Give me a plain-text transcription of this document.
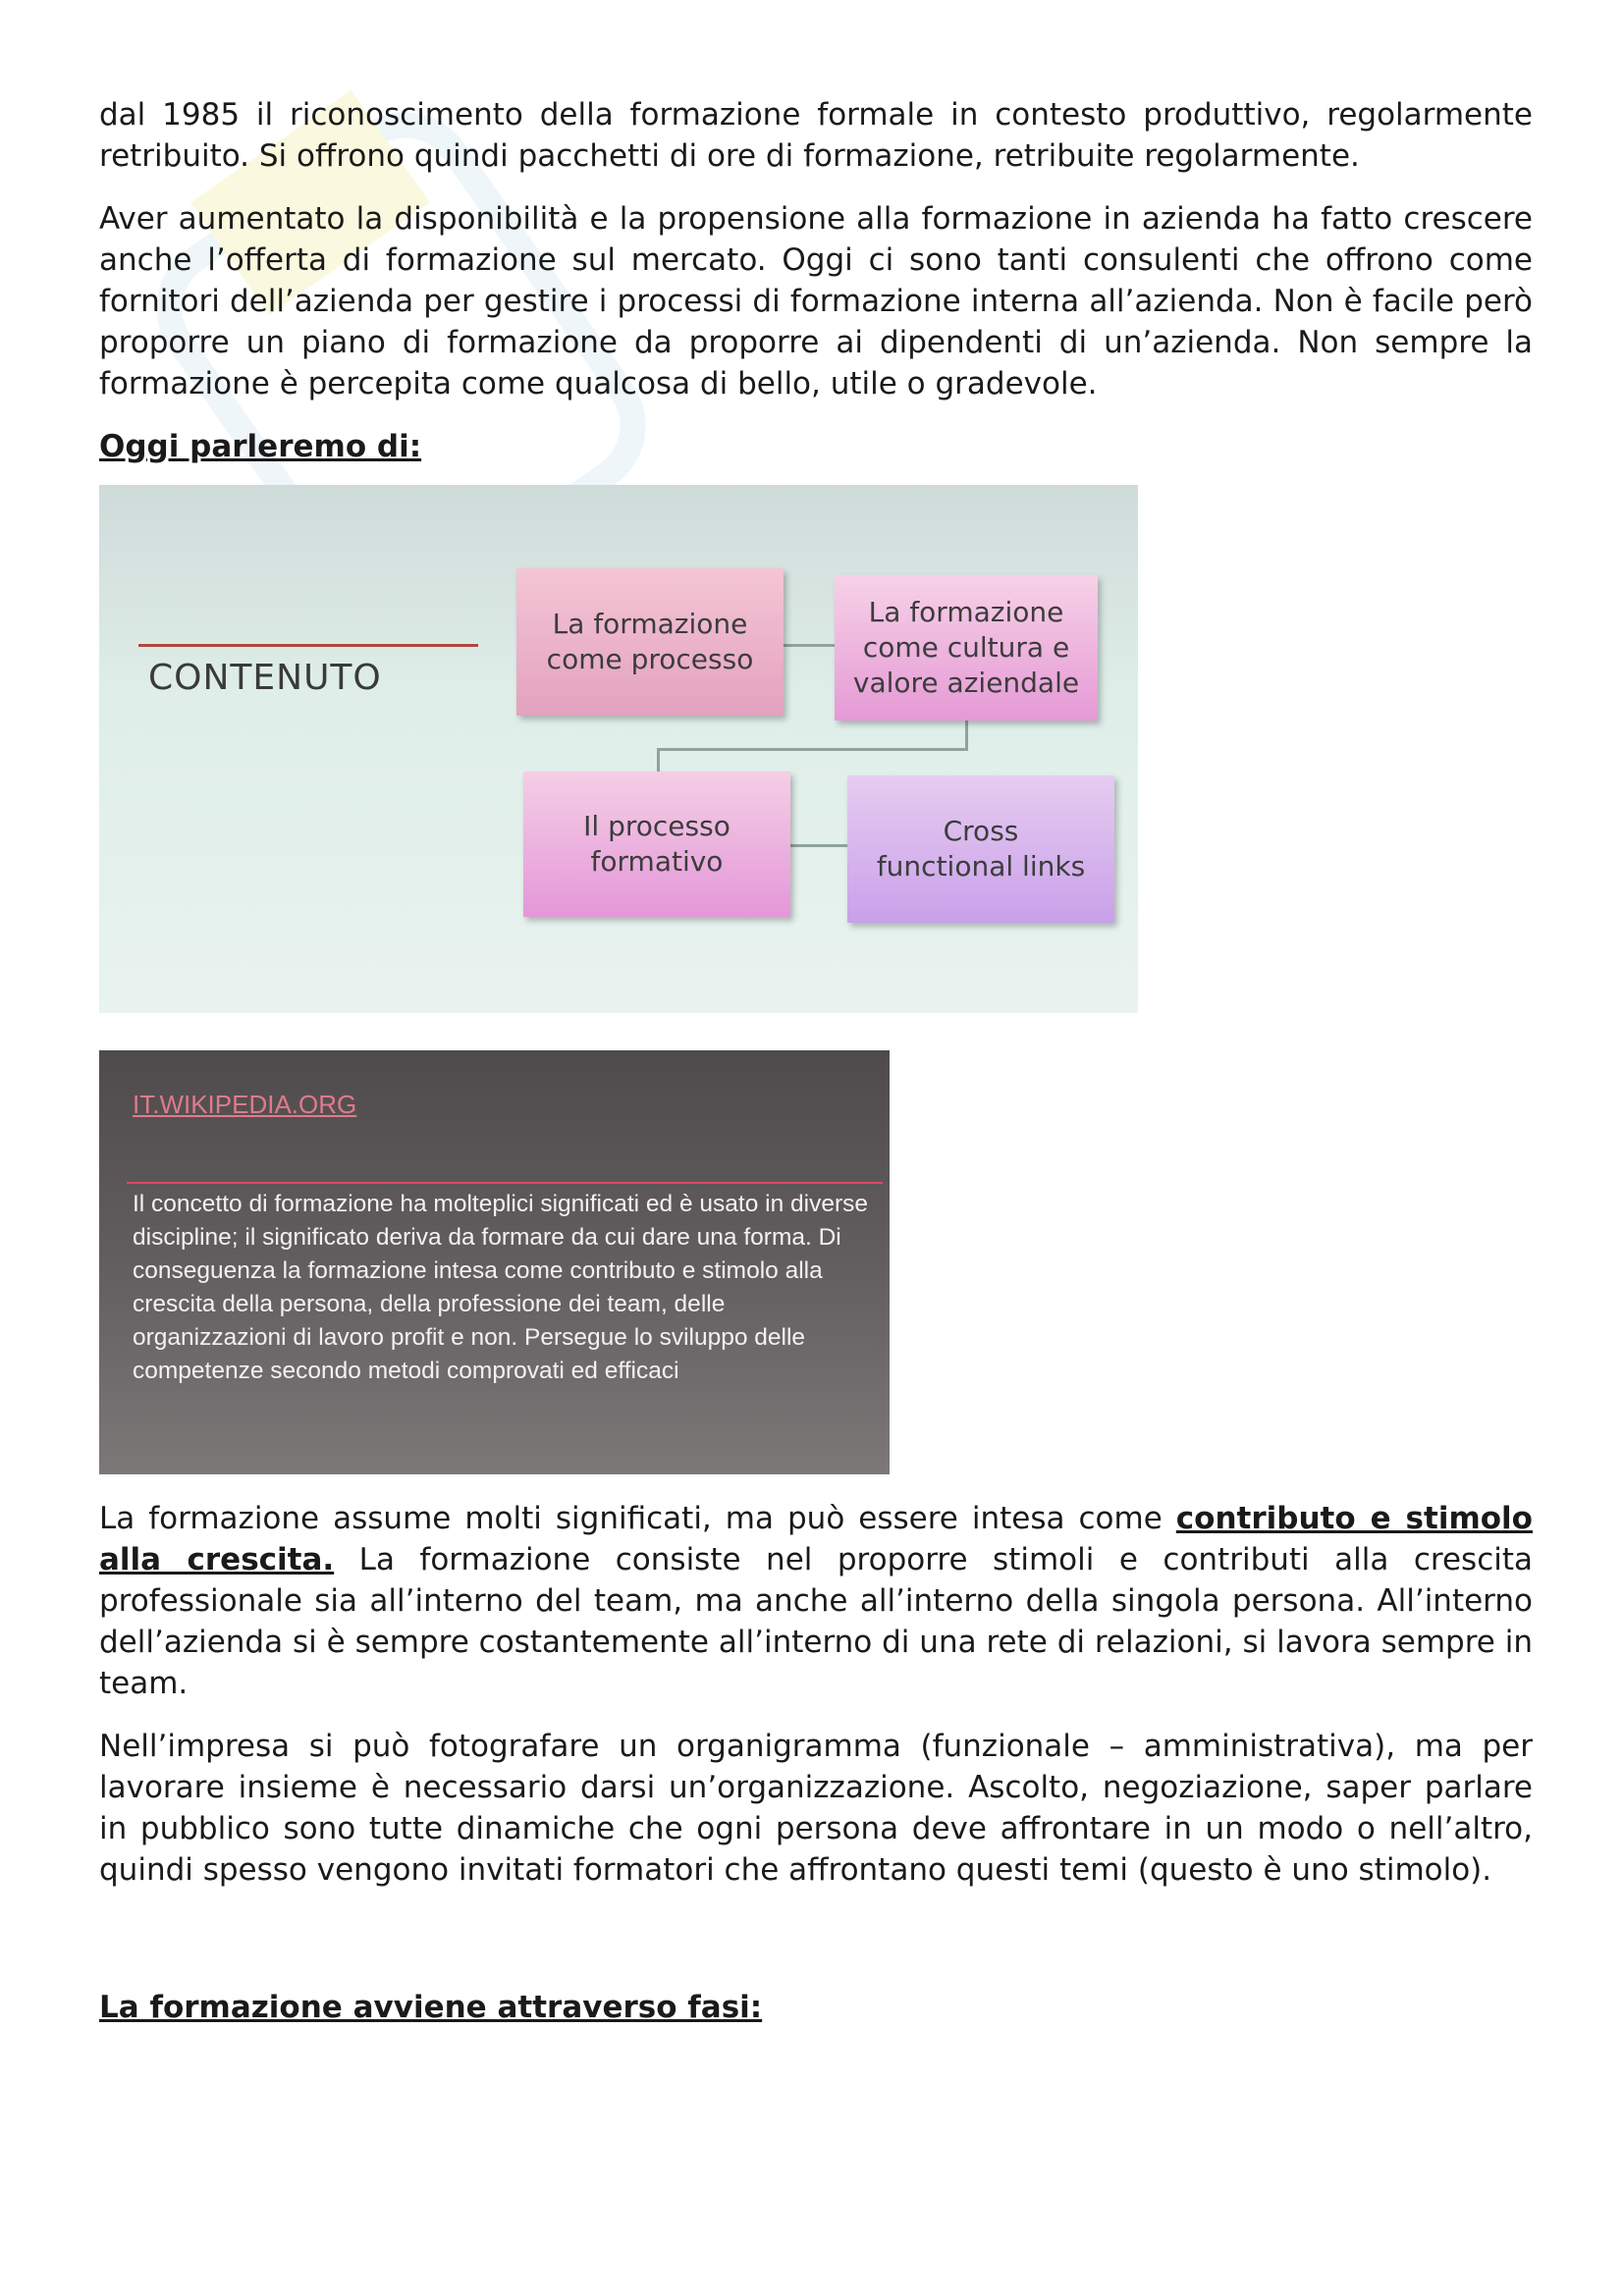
dal 1985 il riconoscimento della formazione formale in contesto produttivo, regolarmente retribuito. Si offrono quindi pacchetti di ore di formazione, retribuite regolarmente.

Aver aumentato la disponibilità e la propensione alla formazione in azienda ha fatto crescere anche l’offerta di formazione sul mercato. Oggi ci sono tanti consulenti che offrono come fornitori dell’azienda per gestire i processi di formazione interna all’azienda. Non è facile però proporre un piano di formazione da proporre ai dipendenti di un’azienda. Non sempre la formazione è percepita come qualcosa di bello, utile o gradevole.

Oggi parleremo di:
CONTENUTO
La formazione
come processo
La formazione
come cultura e
valore aziendale
Il processo
formativo
Cross
functional links
IT.WIKIPEDIA.ORG
Il concetto di formazione ha molteplici significati ed è usato in diverse discipline; il significato deriva da formare da cui dare una forma. Di conseguenza la formazione intesa come contributo e stimolo alla crescita della persona, della professione dei team, delle organizzazioni di lavoro profit e non. Persegue lo sviluppo delle competenze secondo metodi comprovati ed efficaci

La formazione assume molti significati, ma può essere intesa come contributo e stimolo alla crescita. La formazione consiste nel proporre stimoli e contributi alla crescita professionale sia all’interno del team, ma anche all’interno della singola persona. All’interno dell’azienda si è sempre costantemente all’interno di una rete di relazioni, si lavora sempre in team.

Nell’impresa si può fotografare un organigramma (funzionale – amministrativa), ma per lavorare insieme è necessario darsi un’organizzazione. Ascolto, negoziazione, saper parlare in pubblico sono tutte dinamiche che ogni persona deve affrontare in un modo o nell’altro, quindi spesso vengono invitati formatori che affrontano questi temi (questo è uno stimolo).

La formazione avviene attraverso fasi:
